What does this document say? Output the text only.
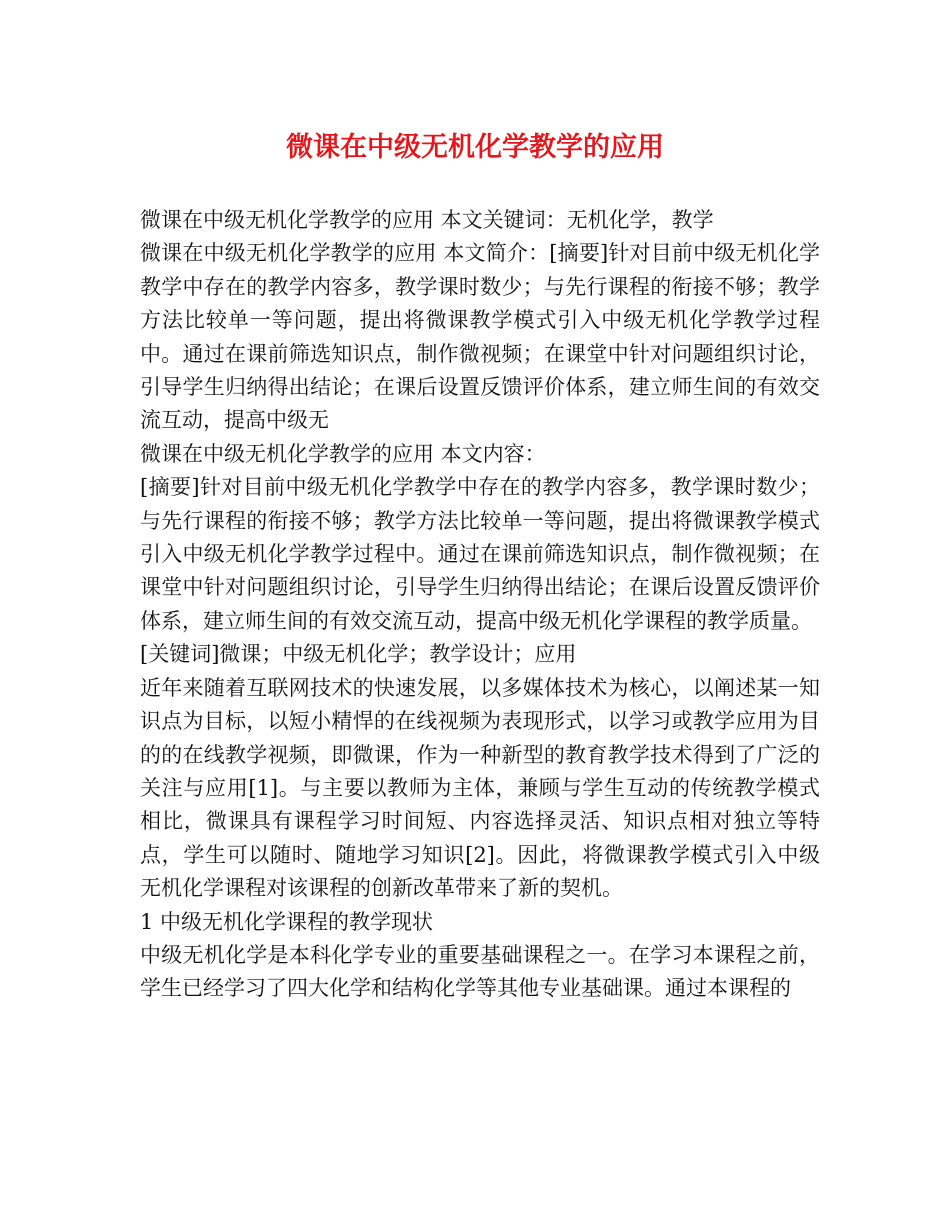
微课在中级无机化学教学的应用

微课在中级无机化学教学的应用 本文关键词：无机化学，教学

微课在中级无机化学教学的应用 本文简介：[摘要]针对目前中级无机化学教学中存在的教学内容多，教学课时数少；与先行课程的衔接不够；教学方法比较单一等问题，提出将微课教学模式引入中级无机化学教学过程中。通过在课前筛选知识点，制作微视频；在课堂中针对问题组织讨论，引导学生归纳得出结论；在课后设置反馈评价体系，建立师生间的有效交流互动，提高中级无

微课在中级无机化学教学的应用 本文内容：

[摘要]针对目前中级无机化学教学中存在的教学内容多，教学课时数少；与先行课程的衔接不够；教学方法比较单一等问题，提出将微课教学模式引入中级无机化学教学过程中。通过在课前筛选知识点，制作微视频；在课堂中针对问题组织讨论，引导学生归纳得出结论；在课后设置反馈评价体系，建立师生间的有效交流互动，提高中级无机化学课程的教学质量。

[关键词]微课；中级无机化学；教学设计；应用

近年来随着互联网技术的快速发展，以多媒体技术为核心，以阐述某一知识点为目标，以短小精悍的在线视频为表现形式，以学习或教学应用为目的的在线教学视频，即微课，作为一种新型的教育教学技术得到了广泛的关注与应用[1]。与主要以教师为主体，兼顾与学生互动的传统教学模式相比，微课具有课程学习时间短、内容选择灵活、知识点相对独立等特点，学生可以随时、随地学习知识[2]。因此，将微课教学模式引入中级无机化学课程对该课程的创新改革带来了新的契机。

1 中级无机化学课程的教学现状

中级无机化学是本科化学专业的重要基础课程之一。在学习本课程之前，学生已经学习了四大化学和结构化学等其他专业基础课。通过本课程的
